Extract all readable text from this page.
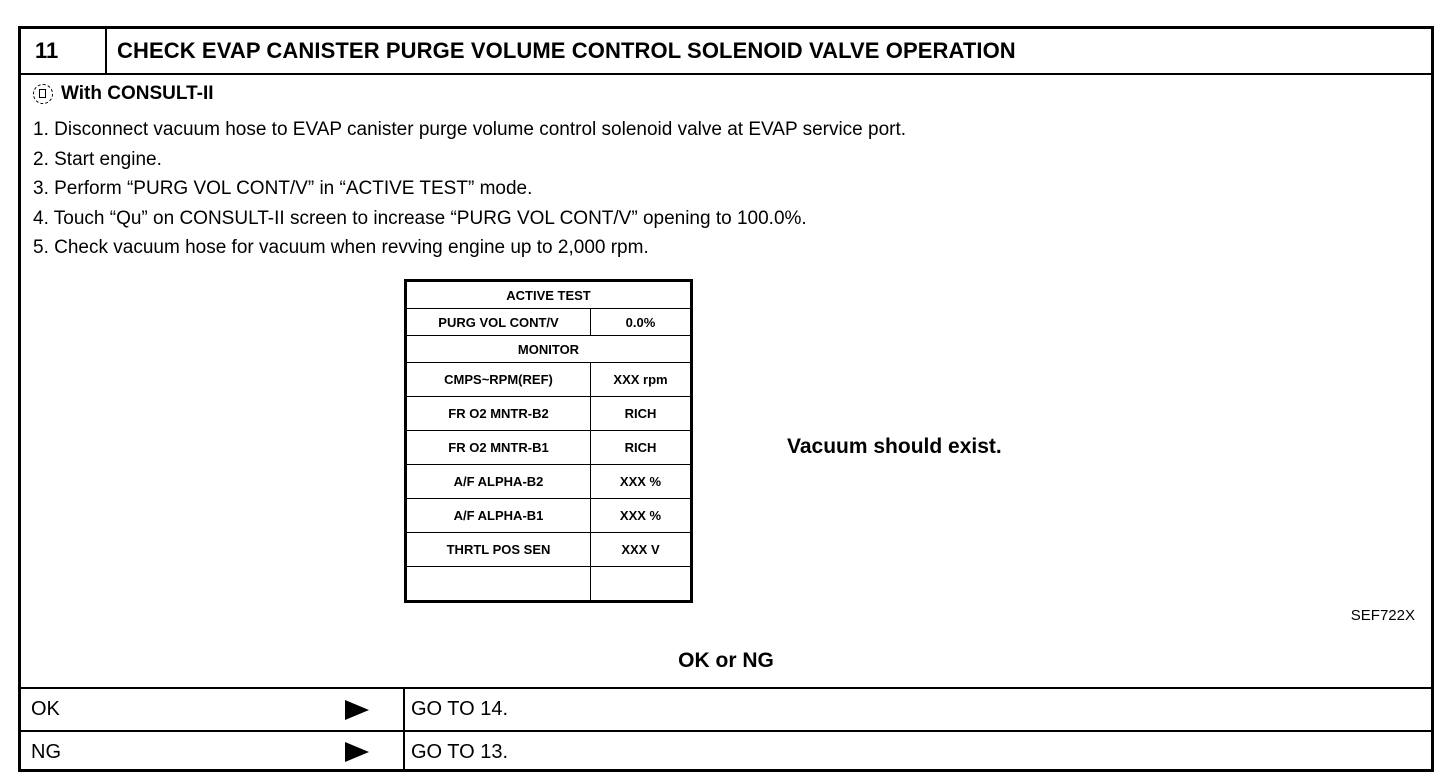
11	CHECK EVAP CANISTER PURGE VOLUME CONTROL SOLENOID VALVE OPERATION
With CONSULT-II
1. Disconnect vacuum hose to EVAP canister purge volume control solenoid valve at EVAP service port.
2. Start engine.
3. Perform “PURG VOL CONT/V” in “ACTIVE TEST” mode.
4. Touch “Qu” on CONSULT-II screen to increase “PURG VOL CONT/V” opening to 100.0%.
5. Check vacuum hose for vacuum when revving engine up to 2,000 rpm.
ACTIVE TEST	
PURG VOL CONT/V	0.0%
MONITOR	
CMPS~RPM(REF)	XXX rpm
FR O2 MNTR-B2	RICH
FR O2 MNTR-B1	RICH
A/F ALPHA-B2	XXX %
A/F ALPHA-B1	XXX %
THRTL POS SEN	XXX V

Vacuum should exist.
SEF722X
OK or NG
OK	GO TO 14.
NG	GO TO 13.
